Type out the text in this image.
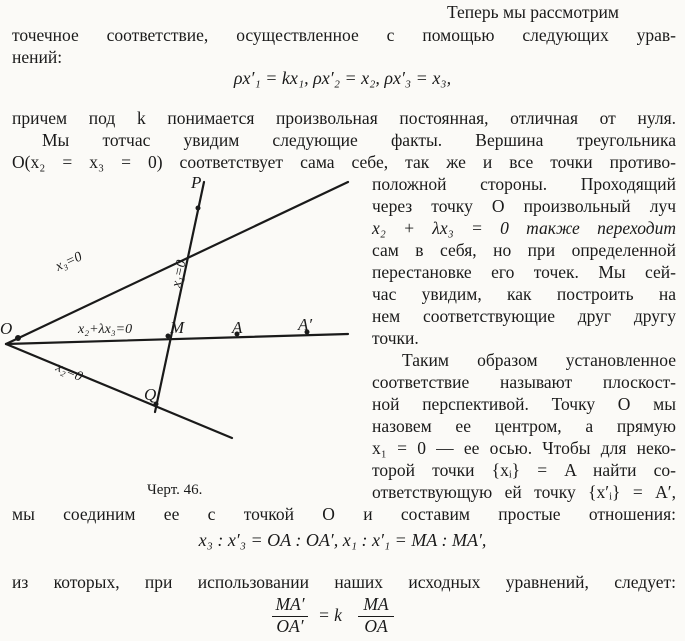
Теперь мы рассмотрим
точечное соответствие, осуществленное с помощью следующих урав-
нений:
ρx′₁ = kx₁, ρx′₂ = x₂, ρx′₃ = x₃,
причем под k понимается произвольная постоянная, отличная от нуля.
Мы тотчас увидим следующие факты. Вершина треугольника
O(x₂ = x₃ = 0) соответствует сама себе, так же и все точки противо-
положной стороны. Проходящий
через точку O произвольный луч
x₂ + λx₃ = 0 также переходит
сам в себя, но при определенной
перестановке его точек. Мы сей-
час увидим, как построить на
нем соответствующие друг другу
точки.
Таким образом установленное
соответствие называют плоскост-
ной перспективой. Точку O мы
назовем ее центром, а прямую
x₁ = 0 — ее осью. Чтобы для неко-
торой точки {xᵢ} = A найти со-
ответствующую ей точку {x′ᵢ} = A′,
O
P
M	A	A′
Q
x₃=0	x₁=0
x₂+λx₃=0
x₂=0
Черт. 46.
мы соединим ее с точкой O и составим простые отношения:
x₃ : x′₃ = OA : OA′, x₁ : x′₁ = MA : MA′,
из которых, при использовании наших исходных уравнений, следует:
MA′
OA′
= k
MA
OA
